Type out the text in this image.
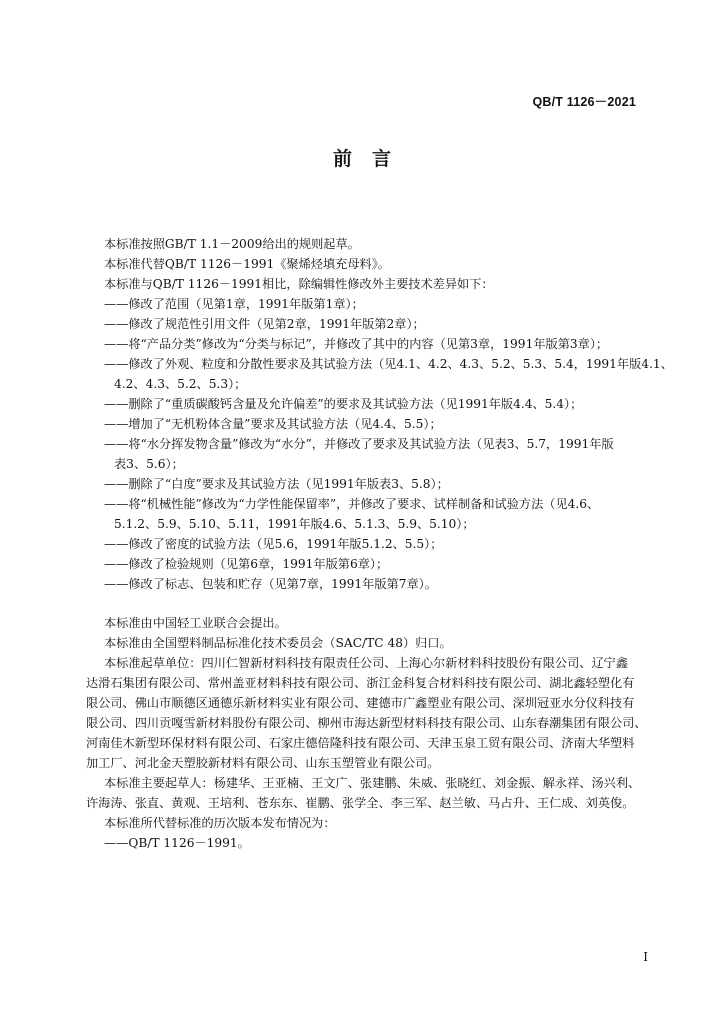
QB/T 1126－2021
前言

本标准按照GB/T 1.1－2009给出的规则起草。

本标准代替QB/T 1126－1991《聚烯烃填充母料》。

本标准与QB/T 1126－1991相比，除编辑性修改外主要技术差异如下：

——修改了范围（见第1章，1991年版第1章）；

——修改了规范性引用文件（见第2章，1991年版第2章）；

——将“产品分类”修改为“分类与标记”，并修改了其中的内容（见第3章，1991年版第3章）；

——修改了外观、粒度和分散性要求及其试验方法（见4.1、4.2、4.3、5.2、5.3、5.4，1991年版4.1、

4.2、4.3、5.2、5.3）；

——删除了“重质碳酸钙含量及允许偏差”的要求及其试验方法（见1991年版4.4、5.4）；

——增加了“无机粉体含量”要求及其试验方法（见4.4、5.5）；

——将“水分挥发物含量”修改为“水分”，并修改了要求及其试验方法（见表3、5.7，1991年版

表3、5.6）；

——删除了“白度”要求及其试验方法（见1991年版表3、5.8）；

——将“机械性能”修改为“力学性能保留率”，并修改了要求、试样制备和试验方法（见4.6、

5.1.2、5.9、5.10、5.11，1991年版4.6、5.1.3、5.9、5.10）；

——修改了密度的试验方法（见5.6，1991年版5.1.2、5.5）；

——修改了检验规则（见第6章，1991年版第6章）；

——修改了标志、包装和贮存（见第7章，1991年版第7章）。

本标准由中国轻工业联合会提出。

本标准由全国塑料制品标准化技术委员会（SAC/TC 48）归口。

本标准起草单位：四川仁智新材料科技有限责任公司、上海心尔新材料科技股份有限公司、辽宁鑫

达滑石集团有限公司、常州盖亚材料科技有限公司、浙江金科复合材料科技有限公司、湖北鑫轻塑化有

限公司、佛山市顺德区通德乐新材料实业有限公司、建德市广鑫塑业有限公司、深圳冠亚水分仪科技有

限公司、四川贡嘎雪新材料股份有限公司、柳州市海达新型材料科技有限公司、山东春潮集团有限公司、

河南佳木新型环保材料有限公司、石家庄德倍隆科技有限公司、天津玉泉工贸有限公司、济南大华塑料

加工厂、河北金天塑胶新材料有限公司、山东玉塑管业有限公司。

本标准主要起草人：杨建华、王亚楠、王文广、张建鹏、朱威、张晓红、刘金振、解永祥、汤兴利、

许海涛、张直、黄观、王培利、苍东东、崔鹏、张学全、李三军、赵兰敏、马占升、王仁成、刘英俊。

本标准所代替标准的历次版本发布情况为：

——QB/T 1126－1991。

I
